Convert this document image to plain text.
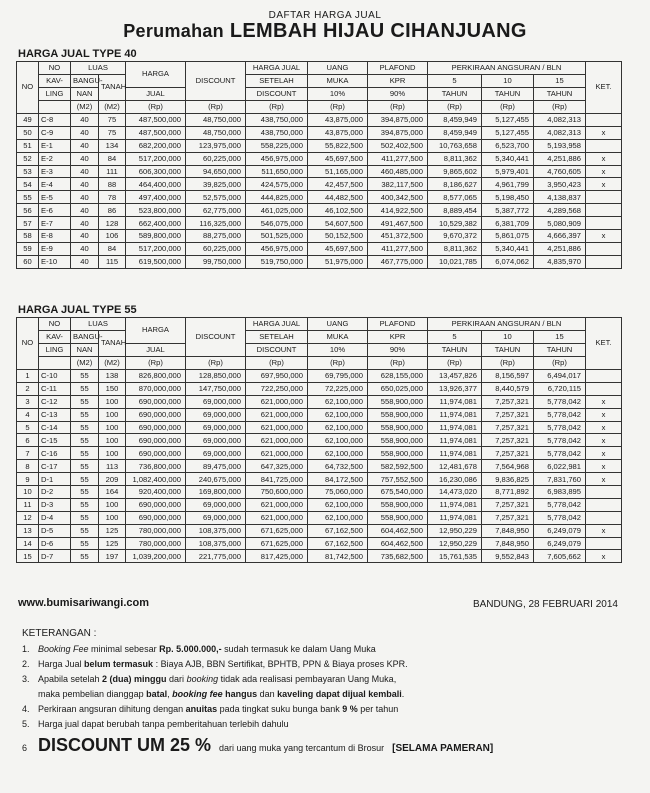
DAFTAR HARGA JUAL
Perumahan LEMBAH HIJAU CIHANJUANG
HARGA JUAL TYPE 40
NO	NO	LUAS		HARGA	DISCOUNT	HARGA JUAL	UANG	PLAFOND	PERKIRAAN ANGSURAN / BLN			KET.
	KAV-	BANGU-	TANAH			SETELAH	MUKA	KPR	5	10	15	
	LING	NAN		JUAL		DISCOUNT	10%	90%	TAHUN	TAHUN	TAHUN	
		(M2)	(M2)	(Rp)	(Rp)	(Rp)	(Rp)	(Rp)	(Rp)	(Rp)	(Rp)	
49	C-8	40	75	487,500,000	48,750,000	438,750,000	43,875,000	394,875,000	8,459,949	5,127,455	4,082,313	
50	C-9	40	75	487,500,000	48,750,000	438,750,000	43,875,000	394,875,000	8,459,949	5,127,455	4,082,313	x
51	E-1	40	134	682,200,000	123,975,000	558,225,000	55,822,500	502,402,500	10,763,658	6,523,700	5,193,958	
52	E-2	40	84	517,200,000	60,225,000	456,975,000	45,697,500	411,277,500	8,811,362	5,340,441	4,251,886	x
53	E-3	40	111	606,300,000	94,650,000	511,650,000	51,165,000	460,485,000	9,865,602	5,979,401	4,760,605	x
54	E-4	40	88	464,400,000	39,825,000	424,575,000	42,457,500	382,117,500	8,186,627	4,961,799	3,950,423	x
55	E-5	40	78	497,400,000	52,575,000	444,825,000	44,482,500	400,342,500	8,577,065	5,198,450	4,138,837	
56	E-6	40	86	523,800,000	62,775,000	461,025,000	46,102,500	414,922,500	8,889,454	5,387,772	4,289,568	
57	E-7	40	128	662,400,000	116,325,000	546,075,000	54,607,500	491,467,500	10,529,382	6,381,709	5,080,909	
58	E-8	40	106	589,800,000	88,275,000	501,525,000	50,152,500	451,372,500	9,670,372	5,861,075	4,666,397	x
59	E-9	40	84	517,200,000	60,225,000	456,975,000	45,697,500	411,277,500	8,811,362	5,340,441	4,251,886	
60	E-10	40	115	619,500,000	99,750,000	519,750,000	51,975,000	467,775,000	10,021,785	6,074,062	4,835,970	
HARGA JUAL TYPE 55
NO	NO	LUAS		HARGA	DISCOUNT	HARGA JUAL	UANG	PLAFOND	PERKIRAAN ANGSURAN / BLN			KET.
	KAV-	BANGU-	TANAH			SETELAH	MUKA	KPR	5	10	15	
	LING	NAN		JUAL		DISCOUNT	10%	90%	TAHUN	TAHUN	TAHUN	
		(M2)	(M2)	(Rp)	(Rp)	(Rp)	(Rp)	(Rp)	(Rp)	(Rp)	(Rp)	
1	C-10	55	138	826,800,000	128,850,000	697,950,000	69,795,000	628,155,000	13,457,826	8,156,597	6,494,017	
2	C-11	55	150	870,000,000	147,750,000	722,250,000	72,225,000	650,025,000	13,926,377	8,440,579	6,720,115	
3	C-12	55	100	690,000,000	69,000,000	621,000,000	62,100,000	558,900,000	11,974,081	7,257,321	5,778,042	x
4	C-13	55	100	690,000,000	69,000,000	621,000,000	62,100,000	558,900,000	11,974,081	7,257,321	5,778,042	x
5	C-14	55	100	690,000,000	69,000,000	621,000,000	62,100,000	558,900,000	11,974,081	7,257,321	5,778,042	x
6	C-15	55	100	690,000,000	69,000,000	621,000,000	62,100,000	558,900,000	11,974,081	7,257,321	5,778,042	x
7	C-16	55	100	690,000,000	69,000,000	621,000,000	62,100,000	558,900,000	11,974,081	7,257,321	5,778,042	x
8	C-17	55	113	736,800,000	89,475,000	647,325,000	64,732,500	582,592,500	12,481,678	7,564,968	6,022,981	x
9	D-1	55	209	1,082,400,000	240,675,000	841,725,000	84,172,500	757,552,500	16,230,086	9,836,825	7,831,760	x
10	D-2	55	164	920,400,000	169,800,000	750,600,000	75,060,000	675,540,000	14,473,020	8,771,892	6,983,895	
11	D-3	55	100	690,000,000	69,000,000	621,000,000	62,100,000	558,900,000	11,974,081	7,257,321	5,778,042	
12	D-4	55	100	690,000,000	69,000,000	621,000,000	62,100,000	558,900,000	11,974,081	7,257,321	5,778,042	
13	D-5	55	125	780,000,000	108,375,000	671,625,000	67,162,500	604,462,500	12,950,229	7,848,950	6,249,079	x
14	D-6	55	125	780,000,000	108,375,000	671,625,000	67,162,500	604,462,500	12,950,229	7,848,950	6,249,079	
15	D-7	55	197	1,039,200,000	221,775,000	817,425,000	81,742,500	735,682,500	15,761,535	9,552,843	7,605,662	x
www.bumisariwangi.com	BANDUNG, 28 FEBRUARI 2014
KETERANGAN :
1. Booking Fee minimal sebesar Rp. 5.000.000,- sudah termasuk ke dalam Uang Muka
2. Harga Jual belum termasuk : Biaya AJB, BBN Sertifikat, BPHTB, PPN & Biaya proses KPR.
3. Apabila setelah 2 (dua) minggu dari booking tidak ada realisasi pembayaran Uang Muka,
maka pembelian dianggap batal, booking fee hangus dan kaveling dapat dijual kembali.
4. Perkiraan angsuran dihitung dengan anuitas pada tingkat suku bunga bank 9 % per tahun
5. Harga jual dapat berubah tanpa pemberitahuan terlebih dahulu
6 DISCOUNT UM 25 % dari uang muka yang tercantum di Brosur [SELAMA PAMERAN]
